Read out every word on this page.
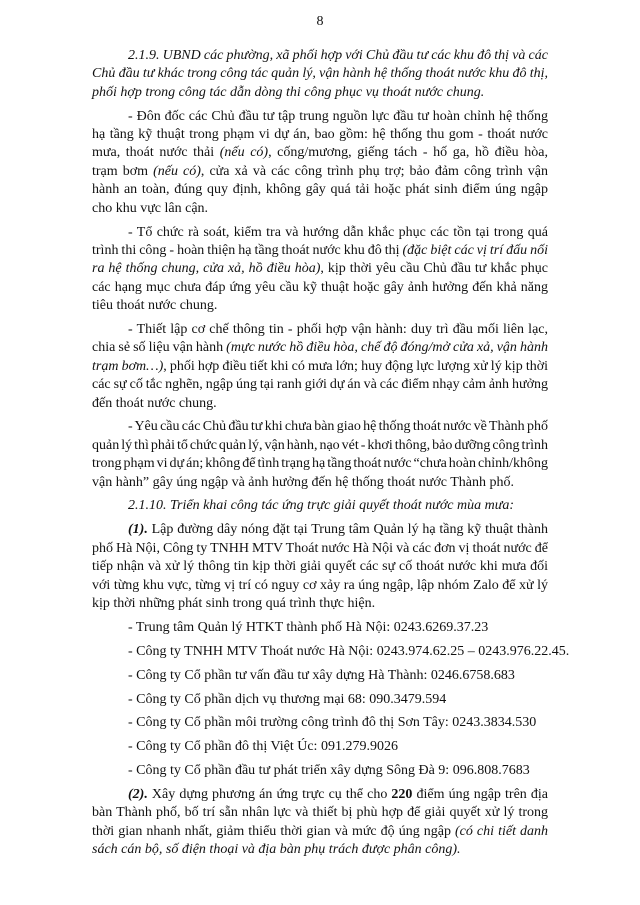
8
2.1.9. UBND các phường, xã phối hợp với Chủ đầu tư các khu đô thị và các
Chủ đầu tư khác trong công tác quản lý, vận hành hệ thống thoát nước khu đô thị,
phối hợp trong công tác dẫn dòng thi công phục vụ thoát nước chung.
- Đôn đốc các Chủ đầu tư tập trung nguồn lực đầu tư hoàn chỉnh hệ thống
hạ tầng kỹ thuật trong phạm vi dự án, bao gồm: hệ thống thu gom - thoát nước
mưa, thoát nước thải (nếu có), cống/mương, giếng tách - hố ga, hồ điều hòa,
trạm bơm (nếu có), cửa xả và các công trình phụ trợ; bảo đảm công trình vận
hành an toàn, đúng quy định, không gây quá tải hoặc phát sinh điểm úng ngập
cho khu vực lân cận.
- Tổ chức rà soát, kiểm tra và hướng dẫn khắc phục các tồn tại trong quá
trình thi công - hoàn thiện hạ tầng thoát nước khu đô thị (đặc biệt các vị trí đấu nối
ra hệ thống chung, cửa xả, hồ điều hòa), kịp thời yêu cầu Chủ đầu tư khắc phục
các hạng mục chưa đáp ứng yêu cầu kỹ thuật hoặc gây ảnh hưởng đến khả năng
tiêu thoát nước chung.
- Thiết lập cơ chế thông tin - phối hợp vận hành: duy trì đầu mối liên lạc,
chia sẻ số liệu vận hành (mực nước hồ điều hòa, chế độ đóng/mở cửa xả, vận hành
trạm bơm…), phối hợp điều tiết khi có mưa lớn; huy động lực lượng xử lý kịp thời
các sự cố tắc nghẽn, ngập úng tại ranh giới dự án và các điểm nhạy cảm ảnh hưởng
đến thoát nước chung.
- Yêu cầu các Chủ đầu tư khi chưa bàn giao hệ thống thoát nước về Thành phố
quản lý thì phải tổ chức quản lý, vận hành, nạo vét - khơi thông, bảo dưỡng công trình
trong phạm vi dự án; không để tình trạng hạ tầng thoát nước “chưa hoàn chỉnh/không
vận hành” gây úng ngập và ảnh hưởng đến hệ thống thoát nước Thành phố.
2.1.10. Triển khai công tác ứng trực giải quyết thoát nước mùa mưa:
(1). Lập đường dây nóng đặt tại Trung tâm Quản lý hạ tầng kỹ thuật thành
phố Hà Nội, Công ty TNHH MTV Thoát nước Hà Nội và các đơn vị thoát nước để
tiếp nhận và xử lý thông tin kịp thời giải quyết các sự cố thoát nước khi mưa đối
với từng khu vực, từng vị trí có nguy cơ xảy ra úng ngập, lập nhóm Zalo để xử lý
kịp thời những phát sinh trong quá trình thực hiện.
- Trung tâm Quản lý HTKT thành phố Hà Nội: 0243.6269.37.23
- Công ty TNHH MTV Thoát nước Hà Nội: 0243.974.62.25 – 0243.976.22.45.
- Công ty Cổ phần tư vấn đầu tư xây dựng Hà Thành: 0246.6758.683
- Công ty Cổ phần dịch vụ thương mại 68: 090.3479.594
- Công ty Cổ phần môi trường công trình đô thị Sơn Tây: 0243.3834.530
- Công ty Cổ phần đô thị Việt Úc: 091.279.9026
- Công ty Cổ phần đầu tư phát triển xây dựng Sông Đà 9: 096.808.7683
(2). Xây dựng phương án ứng trực cụ thể cho 220 điểm úng ngập trên địa
bàn Thành phố, bố trí sẵn nhân lực và thiết bị phù hợp để giải quyết xử lý trong
thời gian nhanh nhất, giảm thiểu thời gian và mức độ úng ngập (có chi tiết danh
sách cán bộ, số điện thoại và địa bàn phụ trách được phân công).
